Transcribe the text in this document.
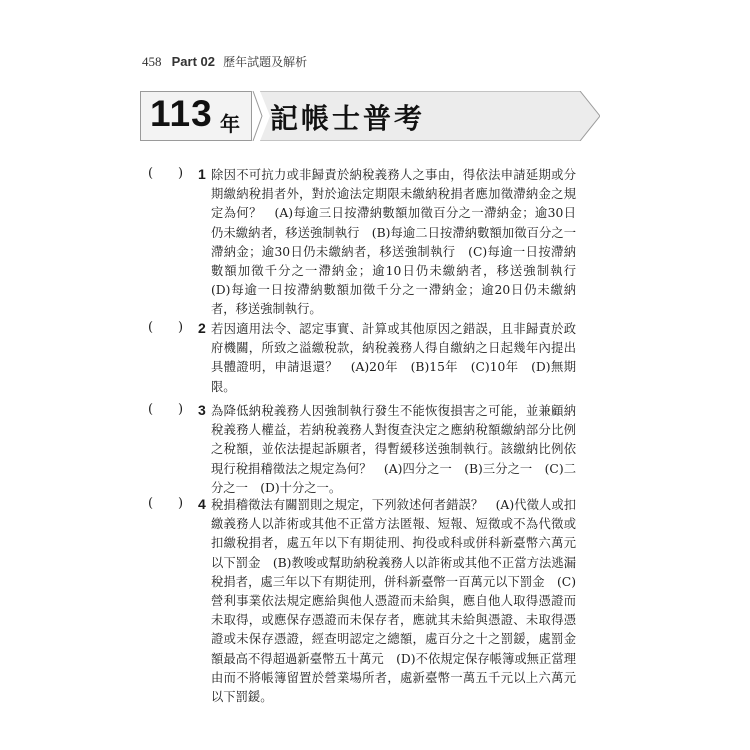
458 Part 02 歷年試題及解析
113 年 記帳士普考
( ) 1 除因不可抗力或非歸責於納稅義務人之事由，得依法申請延期或分期繳納稅捐者外，對於逾法定期限未繳納稅捐者應加徵滯納金之規定為何？　(A)每逾三日按滯納數額加徵百分之一滯納金；逾30日仍未繳納者，移送強制執行　(B)每逾二日按滯納數額加徵百分之一滯納金；逾30日仍未繳納者，移送強制執行　(C)每逾一日按滯納數額加徵千分之一滯納金；逾10日仍未繳納者，移送強制執行　(D)每逾一日按滯納數額加徵千分之一滯納金；逾20日仍未繳納者，移送強制執行。
( ) 2 若因適用法令、認定事實、計算或其他原因之錯誤，且非歸責於政府機關，所致之溢繳稅款，納稅義務人得自繳納之日起幾年內提出具體證明，申請退還？　(A)20年　(B)15年　(C)10年　(D)無期限。
( ) 3 為降低納稅義務人因強制執行發生不能恢復損害之可能，並兼顧納稅義務人權益，若納稅義務人對復查決定之應納稅額繳納部分比例之稅額，並依法提起訴願者，得暫緩移送強制執行。該繳納比例依現行稅捐稽徵法之規定為何？　(A)四分之一　(B)三分之一　(C)二分之一　(D)十分之一。
( ) 4 稅捐稽徵法有關罰則之規定，下列敘述何者錯誤？　(A)代徵人或扣繳義務人以詐術或其他不正當方法匿報、短報、短徵或不為代徵或扣繳稅捐者，處五年以下有期徒刑、拘役或科或併科新臺幣六萬元以下罰金　(B)教唆或幫助納稅義務人以詐術或其他不正當方法逃漏稅捐者，處三年以下有期徒刑，併科新臺幣一百萬元以下罰金　(C)營利事業依法規定應給與他人憑證而未給與，應自他人取得憑證而未取得，或應保存憑證而未保存者，應就其未給與憑證、未取得憑證或未保存憑證，經查明認定之總額，處百分之十之罰鍰，處罰金額最高不得超過新臺幣五十萬元　(D)不依規定保存帳簿或無正當理由而不將帳簿留置於營業場所者，處新臺幣一萬五千元以上六萬元以下罰鍰。
